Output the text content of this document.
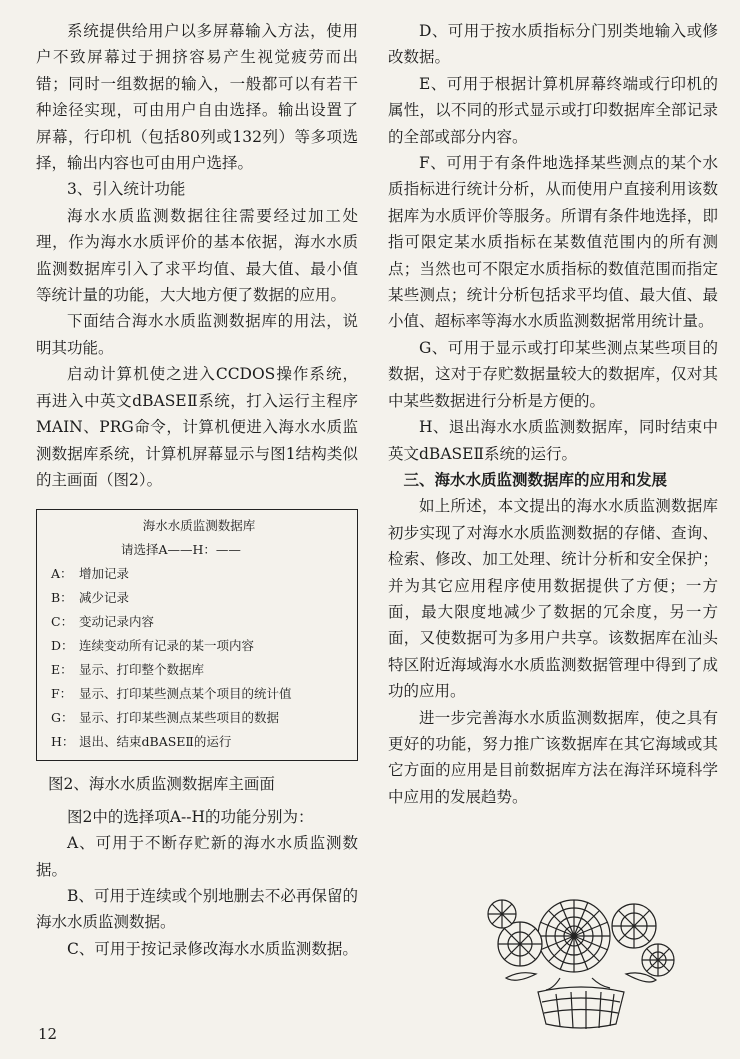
系统提供给用户以多屏幕输入方法，使用户不致屏幕过于拥挤容易产生视觉疲劳而出错；同时一组数据的输入，一般都可以有若干种途径实现，可由用户自由选择。输出设置了屏幕，行印机（包括80列或132列）等多项选择，输出内容也可由用户选择。

3、引入统计功能

海水水质监测数据往往需要经过加工处理，作为海水水质评价的基本依据，海水水质监测数据库引入了求平均值、最大值、最小值等统计量的功能，大大地方便了数据的应用。

下面结合海水水质监测数据库的用法，说明其功能。

启动计算机使之进入CCDOS操作系统，再进入中英文dBASEⅡ系统，打入运行主程序MAIN、PRG命令，计算机便进入海水水质监测数据库系统，计算机屏幕显示与图1结构类似的主画面（图2）。

海水水质监测数据库
请选择A——H：——
A： 增加记录
B： 减少记录
C： 变动记录内容
D： 连续变动所有记录的某一项内容
E： 显示、打印整个数据库
F： 显示、打印某些测点某个项目的统计值
G： 显示、打印某些测点某些项目的数据
H： 退出、结束dBASEⅡ的运行

图2、海水水质监测数据库主画面

图2中的选择项A--H的功能分别为：

A、可用于不断存贮新的海水水质监测数据。

B、可用于连续或个别地删去不必再保留的海水水质监测数据。

C、可用于按记录修改海水水质监测数据。

D、可用于按水质指标分门别类地输入或修改数据。

E、可用于根据计算机屏幕终端或行印机的属性，以不同的形式显示或打印数据库全部记录的全部或部分内容。

F、可用于有条件地选择某些测点的某个水质指标进行统计分析，从而使用户直接利用该数据库为水质评价等服务。所谓有条件地选择，即指可限定某水质指标在某数值范围内的所有测点；当然也可不限定水质指标的数值范围而指定某些测点；统计分析包括求平均值、最大值、最小值、超标率等海水水质监测数据常用统计量。

G、可用于显示或打印某些测点某些项目的数据，这对于存贮数据量较大的数据库，仅对其中某些数据进行分析是方便的。

H、退出海水水质监测数据库，同时结束中英文dBASEⅡ系统的运行。

三、海水水质监测数据库的应用和发展

如上所述，本文提出的海水水质监测数据库初步实现了对海水水质监测数据的存储、查询、检索、修改、加工处理、统计分析和安全保护；并为其它应用程序使用数据提供了方便；一方面，最大限度地减少了数据的冗余度，另一方面，又使数据可为多用户共享。该数据库在汕头特区附近海域海水水质监测数据管理中得到了成功的应用。

进一步完善海水水质监测数据库，使之具有更好的功能，努力推广该数据库在其它海域或其它方面的应用是目前数据库方法在海洋环境科学中应用的发展趋势。

12
